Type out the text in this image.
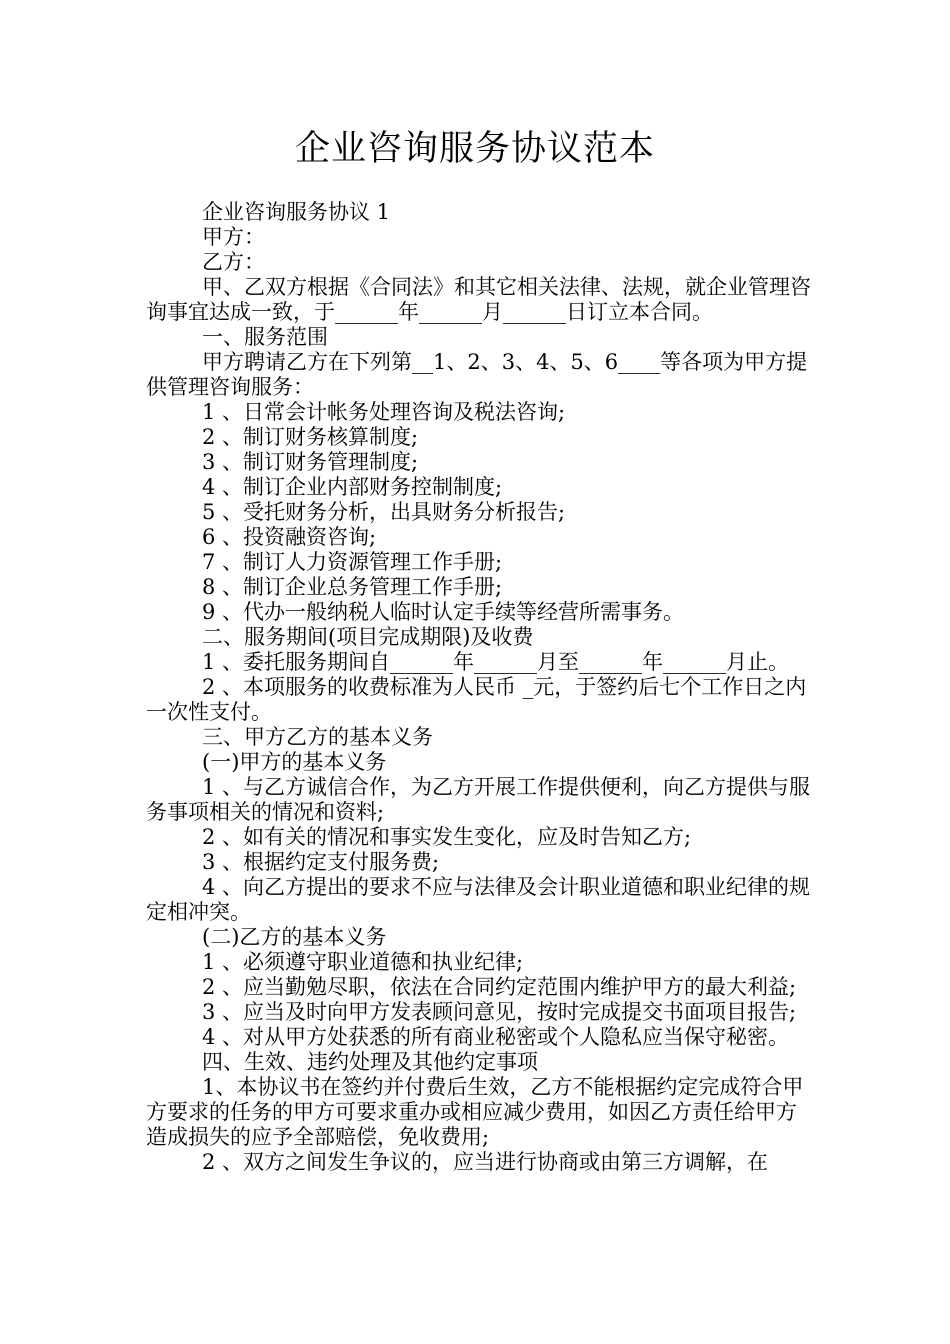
企业咨询服务协议范本

企业咨询服务协议 1

甲方：

乙方：

甲、乙双方根据《合同法》和其它相关法律、法规，就企业管理咨询事宜达成一致，于______年______月______日订立本合同。

一、服务范围

甲方聘请乙方在下列第__1、2、3、4、5、6____等各项为甲方提供管理咨询服务：

1 、日常会计帐务处理咨询及税法咨询;

2 、制订财务核算制度;

3 、制订财务管理制度;

4 、制订企业内部财务控制制度;

5 、受托财务分析，出具财务分析报告;

6 、投资融资咨询;

7 、制订人力资源管理工作手册;

8 、制订企业总务管理工作手册;

9 、代办一般纳税人临时认定手续等经营所需事务。

二、服务期间(项目完成期限)及收费

1 、委托服务期间自______年______月至______年______月止。

2 、本项服务的收费标准为人民币 _元，于签约后七个工作日之内一次性支付。

三、甲方乙方的基本义务

(一)甲方的基本义务

1 、与乙方诚信合作，为乙方开展工作提供便利，向乙方提供与服务事项相关的情况和资料;

2 、如有关的情况和事实发生变化，应及时告知乙方;

3 、根据约定支付服务费;

4 、向乙方提出的要求不应与法律及会计职业道德和职业纪律的规定相冲突。

(二)乙方的基本义务

1 、必须遵守职业道德和执业纪律;

2 、应当勤勉尽职，依法在合同约定范围内维护甲方的最大利益;

3 、应当及时向甲方发表顾问意见，按时完成提交书面项目报告;

4 、对从甲方处获悉的所有商业秘密或个人隐私应当保守秘密。

四、生效、违约处理及其他约定事项

1、本协议书在签约并付费后生效，乙方不能根据约定完成符合甲方要求的任务的甲方可要求重办或相应减少费用，如因乙方责任给甲方造成损失的应予全部赔偿，免收费用;

2 、双方之间发生争议的，应当进行协商或由第三方调解，在
